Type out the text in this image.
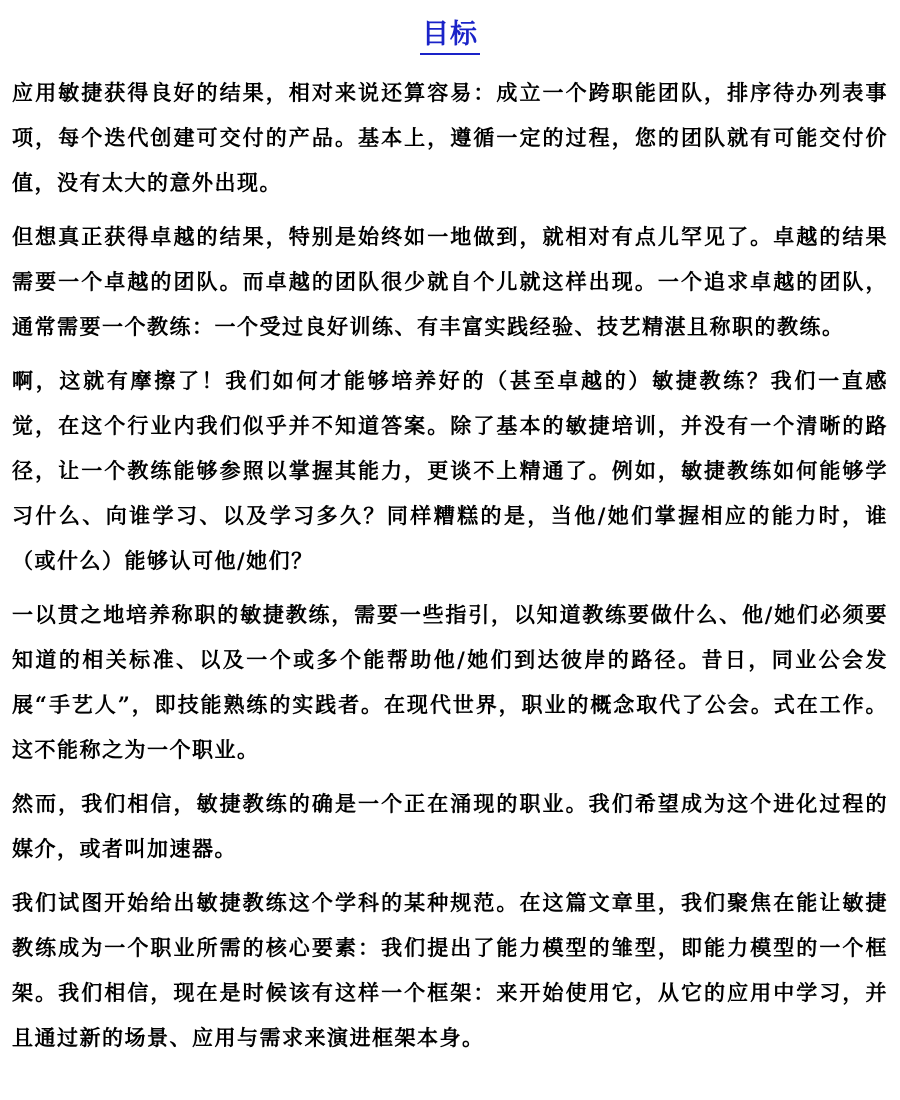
目标

应用敏捷获得良好的结果，相对来说还算容易：成立一个跨职能团队，排序待办列表事项，每个迭代创建可交付的产品。基本上，遵循一定的过程，您的团队就有可能交付价值，没有太大的意外出现。

但想真正获得卓越的结果，特别是始终如一地做到，就相对有点儿罕见了。卓越的结果需要一个卓越的团队。而卓越的团队很少就自个儿就这样出现。一个追求卓越的团队，通常需要一个教练：一个受过良好训练、有丰富实践经验、技艺精湛且称职的教练。

啊，这就有摩擦了！我们如何才能够培养好的（甚至卓越的）敏捷教练？我们一直感觉，在这个行业内我们似乎并不知道答案。除了基本的敏捷培训，并没有一个清晰的路径，让一个教练能够参照以掌握其能力，更谈不上精通了。例如，敏捷教练如何能够学习什么、向谁学习、以及学习多久？同样糟糕的是，当他/她们掌握相应的能力时，谁（或什么）能够认可他/她们？

一以贯之地培养称职的敏捷教练，需要一些指引，以知道教练要做什么、他/她们必须要知道的相关标准、以及一个或多个能帮助他/她们到达彼岸的路径。昔日，同业公会发展“手艺人”，即技能熟练的实践者。在现代世界，职业的概念取代了公会。式在工作。这不能称之为一个职业。

然而，我们相信，敏捷教练的确是一个正在涌现的职业。我们希望成为这个进化过程的媒介，或者叫加速器。

我们试图开始给出敏捷教练这个学科的某种规范。在这篇文章里，我们聚焦在能让敏捷教练成为一个职业所需的核心要素：我们提出了能力模型的雏型，即能力模型的一个框架。我们相信，现在是时候该有这样一个框架：来开始使用它，从它的应用中学习，并且通过新的场景、应用与需求来演进框架本身。
